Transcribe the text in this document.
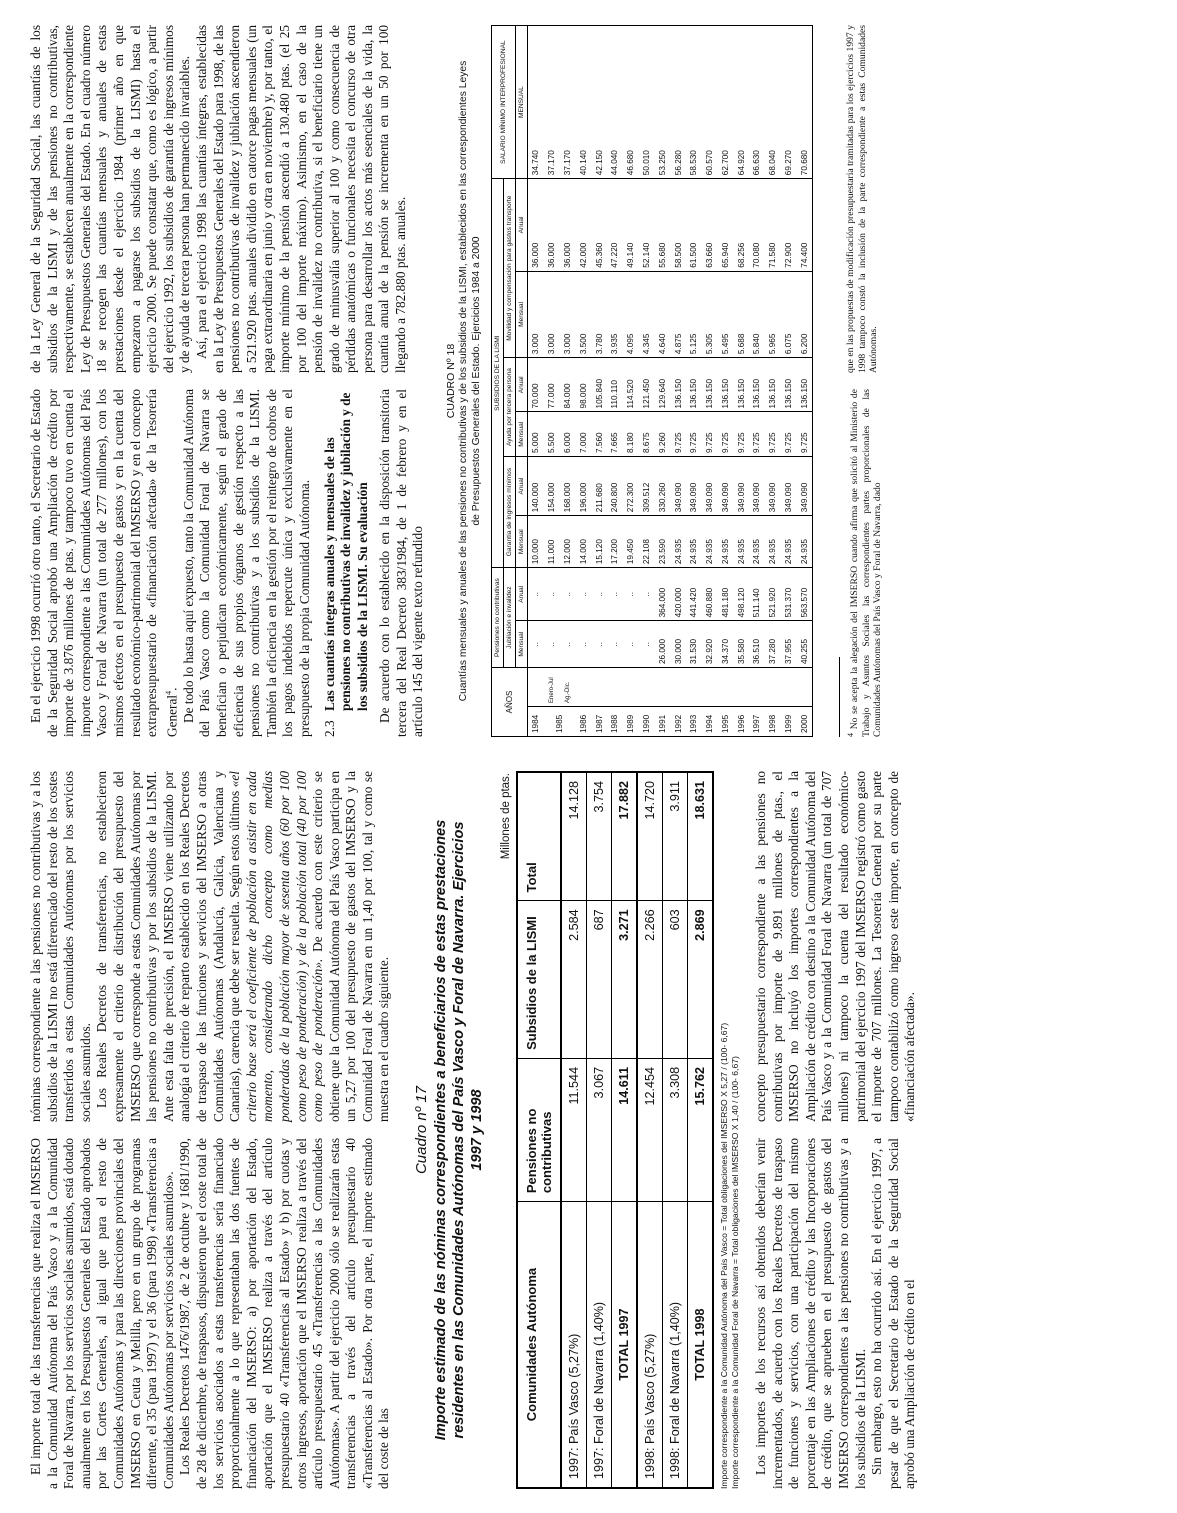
El importe total de las transferencias que realiza el IMSERSO a la Comunidad Autónoma del País Vasco y a la Comunidad Foral de Navarra, por los servicios sociales asumidos, está dotado anualmente en los Presupuestos Generales del Estado aprobados por las Cortes Generales, al igual que para el resto de Comunidades Autónomas y para las direcciones provinciales del IMSERSO en Ceuta y Melilla, pero en un grupo de programas diferente, el 35 (para 1997) y el 36 (para 1998) «Transferencias a Comunidades Autónomas por servicios sociales asumidos». Los Reales Decretos 1476/1987, de 2 de octubre y 1681/1990, de 28 de diciembre, de traspasos, dispusieron que el coste total de los servicios asociados a estas transferencias sería financiado proporcionalmente a lo que representaban las dos fuentes de financiación del IMSERSO: a) por aportación del Estado, aportación que el IMSERSO realiza a través del artículo presupuestario 40 «Transferencias al Estado» y b) por cuotas y otros ingresos, aportación que el IMSERSO realiza a través del artículo presupuestario 45 «Transferencias a las Comunidades Autónomas». A partir del ejercicio 2000 sólo se realizarán estas transferencias a través del artículo presupuestario 40 «Transferencias al Estado». Por otra parte, el importe estimado del coste de las

nóminas correspondiente a las pensiones no contributivas y a los subsidios de la LISMI no está diferenciado del resto de los costes transferidos a estas Comunidades Autónomas por los servicios sociales asumidos. Los Reales Decretos de transferencias, no establecieron expresamente el criterio de distribución del presupuesto del IMSERSO que corresponde a estas Comunidades Autónomas por las pensiones no contributivas y por los subsidios de la LISMI. Ante esta falta de precisión, el IMSERSO viene utilizando por analogía el criterio de reparto establecido en los Reales Decretos de traspaso de las funciones y servicios del IMSERSO a otras Comunidades Autónomas (Andalucía, Galicia, Valenciana y Canarias), carencia que debe ser resuelta. Según estos últimos «el criterio base será el coeficiente de población a asistir en cada momento, considerando dicho concepto como medias ponderadas de la población mayor de sesenta años (60 por 100 como peso de ponderación) y de la población total (40 por 100 como peso de ponderación». De acuerdo con este criterio se obtiene que la Comunidad Autónoma del País Vasco participa en un 5,27 por 100 del presupuesto de gastos del IMSERSO y la Comunidad Foral de Navarra en un 1,40 por 100, tal y como se muestra en el cuadro siguiente.

Cuadro nº 17 Importe estimado de las nóminas correspondientes a beneficiarios de estas prestaciones residentes en las Comunidades Autónomas del País Vasco y Foral de Navarra. Ejercicios 1997 y 1998
Millones de ptas.
Comunidades Autónoma	Pensiones no contributivas	Subsidios de la LISMI	Total
1997: País Vasco (5,27%)	11.544	2.584	14.128
1997: Foral de Navarra (1,40%)	3.067	687	3.754
TOTAL 1997	14.611	3.271	17.882
1998: País Vasco (5,27%)	12.454	2.266	14.720
1998: Foral de Navarra (1,40%)	3.308	603	3.911
TOTAL 1998	15.762	2.869	18.631
Importe correspondiente a la Comunidad Autónoma del País Vasco = Total obligaciones del IMSERSO X 5,27 / (100- 6,67) Importe correspondiente a la Comunidad Foral de Navarra = Total obligaciones del IMSERSO X 1,40 / (100- 6,67) Los importes de los recursos así obtenidos deberían venir incrementados, de acuerdo con los Reales Decretos de traspaso de funciones y servicios, con una participación del mismo porcentaje en las Ampliaciones de crédito y las Incorporaciones de crédito, que se aprueben en el presupuesto de gastos del IMSERSO correspondientes a las pensiones no contributivas y a los subsidios de la LISMI. Sin embargo, esto no ha ocurrido así. En el ejercicio 1997, a pesar de que el Secretario de Estado de la Seguridad Social aprobó una Ampliación de crédito en el

concepto presupuestario correspondiente a las pensiones no contributivas por importe de 9.891 millones de ptas., el IMSERSO no incluyó los importes correspondientes a la Ampliación de crédito con destino a la Comunidad Autónoma del País Vasco y a la Comunidad Foral de Navarra (un total de 707 millones) ni tampoco la cuenta del resultado económico-patrimonial del ejercicio 1997 del IMSERSO registró como gasto el importe de 707 millones. La Tesorería General por su parte tampoco contabilizó como ingreso este importe, en concepto de «financiación afectada».

En el ejercicio 1998 ocurrió otro tanto, el Secretario de Estado de la Seguridad Social aprobó una Ampliación de crédito por importe de 3.876 millones de ptas. y tampoco tuvo en cuenta el importe correspondiente a las Comunidades Autónomas del País Vasco y Foral de Navarra (un total de 277 millones), con los mismos efectos en el presupuesto de gastos y en la cuenta del resultado económico-patrimonial del IMSERSO y en el concepto extrapresupuestario de «financiación afectada» de la Tesorería General$^4$. De todo lo hasta aquí expuesto, tanto la Comunidad Autónoma del País Vasco como la Comunidad Foral de Navarra se benefician o perjudican económicamente, según el grado de eficiencia de sus propios órganos de gestión respecto a las pensiones no contributivas y a los subsidios de la LISMI. También la eficiencia en la gestión por el reintegro de cobros de los pagos indebidos repercute única y exclusivamente en el presupuesto de la propia Comunidad Autónoma. 2.3
Las cuantías íntegras anuales y mensuales de las pensiones no contributivas de invalidez y jubilación y de los subsidios de la LISMI. Su evaluación De acuerdo con lo establecido en la disposición transitoria tercera del Real Decreto 383/1984, de 1 de febrero y en el artículo 145 del vigente texto refundido

de la Ley General de la Seguridad Social, las cuantías de los subsidios de la LISMI y de las pensiones no contributivas, respectivamente, se establecen anualmente en la correspondiente Ley de Presupuestos Generales del Estado. En el cuadro número 18 se recogen las cuantías mensuales y anuales de estas prestaciones desde el ejercicio 1984 (primer año en que empezaron a pagarse los subsidios de la LISMI) hasta el ejercicio 2000. Se puede constatar que, como es lógico, a partir del ejercicio 1992, los subsidios de garantía de ingresos mínimos y de ayuda de tercera persona han permanecido invariables. Así, para el ejercicio 1998 las cuantías íntegras, establecidas en la Ley de Presupuestos Generales del Estado para 1998, de las pensiones no contributivas de invalidez y jubilación ascendieron a 521.920 ptas. anuales dividido en catorce pagas mensuales (un paga extraordinaria en junio y otra en noviembre) y, por tanto, el importe mínimo de la pensión ascendió a 130.480 ptas. (el 25 por 100 del importe máximo). Asimismo, en el caso de la pensión de invalidez no contributiva, si el beneficiario tiene un grado de minusvalía superior al 100 y como consecuencia de pérdidas anatómicas o funcionales necesita el concurso de otra persona para desarrollar los actos más esenciales de la vida, la cuantía anual de la pensión se incrementa en un 50 por 100 llegando a 782.880 ptas. anuales.

CUADRO Nº 18 Cuantías mensuales y anuales de las pensiones no contributivas y de los subsidios de la LISMI, establecidos en las correspondientes Leyes de Presupuestos Generales del Estado. Ejercicios 1984 a 2000
AÑOS		Pensiones no contributivas		SUBSIDIOS DE LA LISMI						SALARIO MÍNIMO INTERPROFESIONAL
		Jubilación e invalidez		Garantía de ingresos mínimos		Ayuda por tercera persona		Movilidad y compensación para gastos transporte		

		Mensual	Anual	Mensual	Anual	Mensual	Anual	Mensual	Anual	MENSUAL
1984		..	..	10.000	140.000	5.000	70.000	3.000	36.000	34.740
1985	Enero-Jul	..	..	11.000	154.000	5.500	77.000	3.000	36.000	37.170
	Ag.-Dic.	..	..	12.000	168.000	6.000	84.000	3.000	36.000	37.170
1986		..	..	14.000	196.000	7.000	98.000	3.500	42.000	40.140
1987		..	..	15.120	211.680	7.560	105.840	3.780	45.360	42.150
1988		..	..	17.200	240.800	7.665	110.110	3.935	47.220	44.040
1989		..	..	19.450	272.300	8.180	114.520	4.095	49.140	46.680
1990		..	..	22.108	309.512	8.675	121.450	4.345	52.140	50.010
1991		26.000	364.000	23.590	330.260	9.260	129.640	4.640	55.680	53.250
1992		30.000	420.000	24.935	349.090	9.725	136.150	4.875	58.500	56.280
1993		31.530	441.420	24.935	349.090	9.725	136.150	5.125	61.500	58.530
1994		32.920	460.880	24.935	349.090	9.725	136.150	5.305	63.660	60.570
1995		34.370	481.180	24.935	349.090	9.725	136.150	5.495	65.940	62.700
1996		35.580	498.120	24.935	349.090	9.725	136.150	5.688	68.256	64.920
1997		36.510	511.140	24.935	349.090	9.725	136.150	5.840	70.080	66.630
1998		37.280	521.920	24.935	349.090	9.725	136.150	5.965	71.580	68.040
1999		37.955	531.370	24.935	349.090	9.725	136.150	6.075	72.900	69.270
2000		40.255	563.570	24.935	349.090	9.725	136.150	6.200	74.400	70.680
$^4$ No se acepta la alegación del IMSERSO cuando afirma que solicitó al Ministerio de Trabajo y Asuntos Sociales las correspondientes partes proporcionales de las Comunidades Autónomas del País Vasco y Foral de Navarra, dado
que en las propuestas de modificación presupuestaria tramitadas para los ejercicios 1997 y 1998 tampoco constó la inclusión de la parte correspondiente a estas Comunidades Autónomas.
